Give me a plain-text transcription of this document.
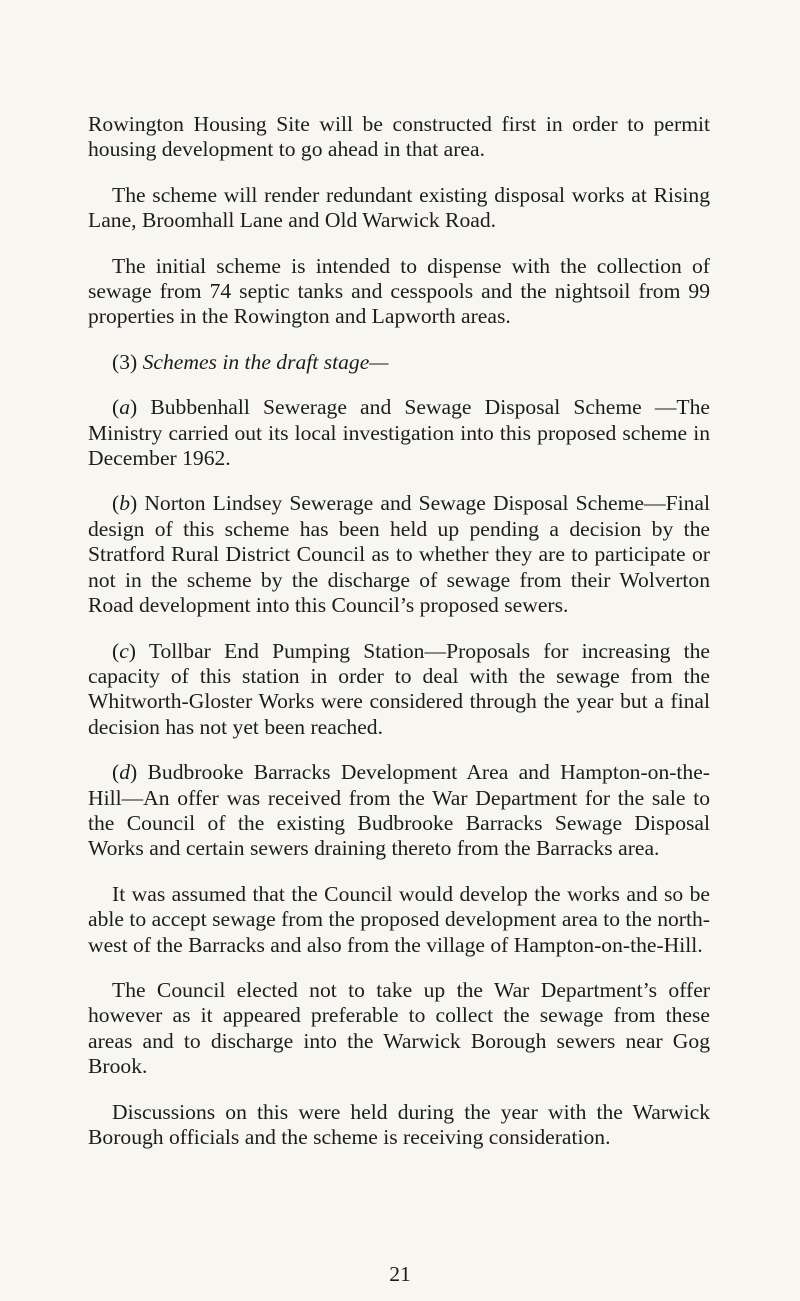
Rowington Housing Site will be constructed first in order to permit housing development to go ahead in that area.

The scheme will render redundant existing disposal works at Rising Lane, Broomhall Lane and Old Warwick Road.

The initial scheme is intended to dispense with the collection of sewage from 74 septic tanks and cesspools and the nightsoil from 99 properties in the Rowington and Lapworth areas.

(3) Schemes in the draft stage—

(a) Bubbenhall Sewerage and Sewage Disposal Scheme —The Ministry carried out its local investigation into this proposed scheme in December 1962.

(b) Norton Lindsey Sewerage and Sewage Disposal Scheme—Final design of this scheme has been held up pending a decision by the Stratford Rural District Council as to whether they are to participate or not in the scheme by the discharge of sewage from their Wolverton Road development into this Council’s proposed sewers.

(c) Tollbar End Pumping Station—Proposals for increasing the capacity of this station in order to deal with the sewage from the Whitworth-Gloster Works were considered through the year but a final decision has not yet been reached.

(d) Budbrooke Barracks Development Area and Hampton-on-the-Hill—An offer was received from the War Department for the sale to the Council of the existing Budbrooke Barracks Sewage Disposal Works and certain sewers draining thereto from the Barracks area.

It was assumed that the Council would develop the works and so be able to accept sewage from the proposed development area to the north-west of the Barracks and also from the village of Hampton-on-the-Hill.

The Council elected not to take up the War Department’s offer however as it appeared preferable to collect the sewage from these areas and to discharge into the Warwick Borough sewers near Gog Brook.

Discussions on this were held during the year with the Warwick Borough officials and the scheme is receiving consideration.

21
